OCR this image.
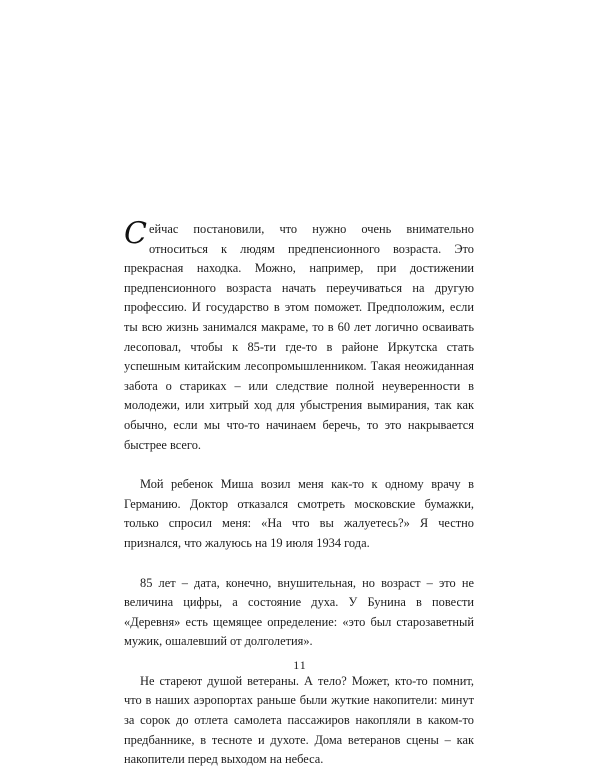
Сейчас постановили, что нужно очень внимательно относиться к людям предпенсионного возраста. Это прекрасная находка. Можно, например, при достижении предпенсионного возраста начать переучиваться на другую профессию. И государство в этом поможет. Предположим, если ты всю жизнь занимался макраме, то в 60 лет логично осваивать лесоповал, чтобы к 85-ти где-то в районе Иркутска стать успешным китайским лесопромышленником. Такая неожиданная забота о стариках – или следствие полной неуверенности в молодежи, или хитрый ход для убыстрения вымирания, так как обычно, если мы что-то начинаем беречь, то это накрывается быстрее всего.

Мой ребенок Миша возил меня как-то к одному врачу в Германию. Доктор отказался смотреть московские бумажки, только спросил меня: «На что вы жалуетесь?» Я честно признался, что жалуюсь на 19 июля 1934 года.

85 лет – дата, конечно, внушительная, но возраст – это не величина цифры, а состояние духа. У Бунина в повести «Деревня» есть щемящее определение: «это был старозаветный мужик, ошалевший от долголетия».

Не стареют душой ветераны. А тело? Может, кто-то помнит, что в наших аэропортах раньше были жуткие накопители: минут за сорок до отлета самолета пассажиров накопляли в каком-то предбаннике, в тесноте и духоте. Дома ветеранов сцены – как накопители перед выходом на небеса.

11
